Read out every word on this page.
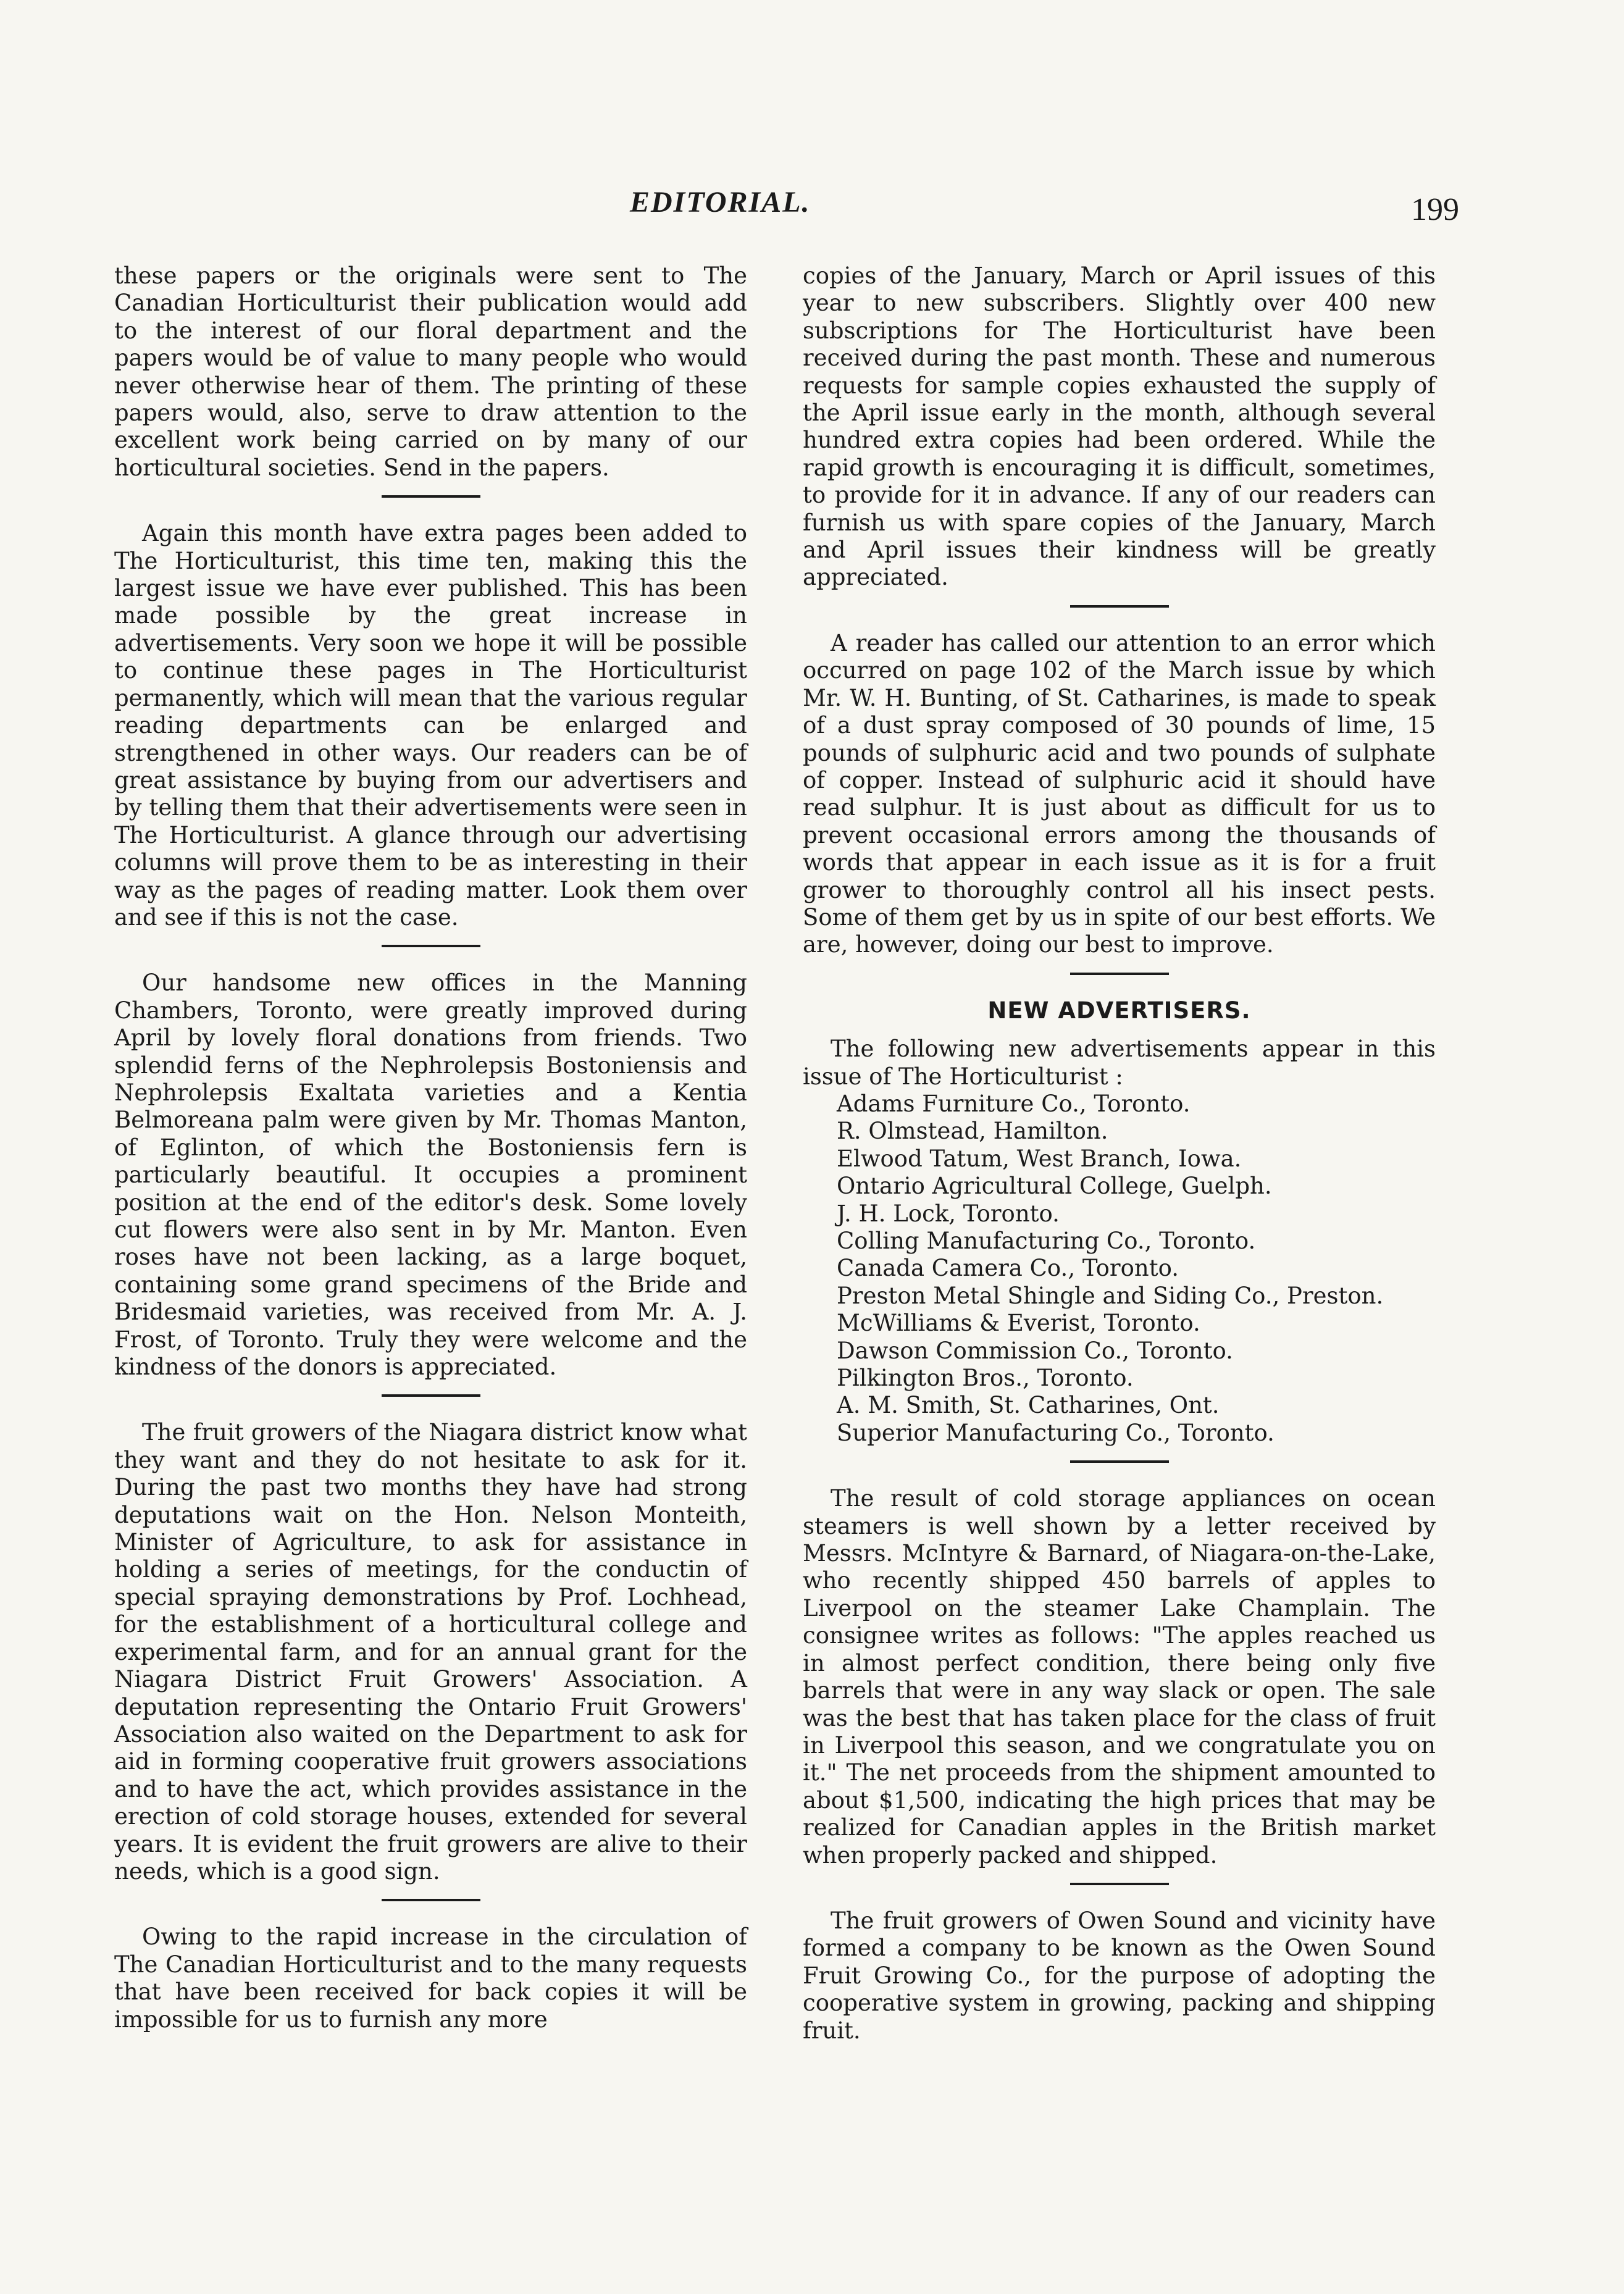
EDITORIAL.	199

these papers or the originals were sent to The Canadian Horticulturist their publication would add to the interest of our floral department and the papers would be of value to many people who would never otherwise hear of them. The printing of these papers would, also, serve to draw attention to the excellent work being carried on by many of our horticultural societies. Send in the papers.

Again this month have extra pages been added to The Horticulturist, this time ten, making this the largest issue we have ever published. This has been made possible by the great increase in advertisements. Very soon we hope it will be possible to continue these pages in The Horticulturist permanently, which will mean that the various regular reading departments can be enlarged and strengthened in other ways. Our readers can be of great assistance by buying from our advertisers and by telling them that their advertisements were seen in The Horticulturist. A glance through our advertising columns will prove them to be as interesting in their way as the pages of reading matter. Look them over and see if this is not the case.

Our handsome new offices in the Manning Chambers, Toronto, were greatly improved during April by lovely floral donations from friends. Two splendid ferns of the Nephrolepsis Bostoniensis and Nephrolepsis Exaltata varieties and a Kentia Belmoreana palm were given by Mr. Thomas Manton, of Eglinton, of which the Bostoniensis fern is particularly beautiful. It occupies a prominent position at the end of the editor's desk. Some lovely cut flowers were also sent in by Mr. Manton. Even roses have not been lacking, as a large boquet, containing some grand specimens of the Bride and Bridesmaid varieties, was received from Mr. A. J. Frost, of Toronto. Truly they were welcome and the kindness of the donors is appreciated.

The fruit growers of the Niagara district know what they want and they do not hesitate to ask for it. During the past two months they have had strong deputations wait on the Hon. Nelson Monteith, Minister of Agriculture, to ask for assistance in holding a series of meetings, for the conductin of special spraying demonstrations by Prof. Lochhead, for the establishment of a horticultural college and experimental farm, and for an annual grant for the Niagara District Fruit Growers' Association. A deputation representing the Ontario Fruit Growers' Association also waited on the Department to ask for aid in forming cooperative fruit growers associations and to have the act, which provides assistance in the erection of cold storage houses, extended for several years. It is evident the fruit growers are alive to their needs, which is a good sign.

Owing to the rapid increase in the circulation of The Canadian Horticulturist and to the many requests that have been received for back copies it will be impossible for us to furnish any more

copies of the January, March or April issues of this year to new subscribers. Slightly over 400 new subscriptions for The Horticulturist have been received during the past month. These and numerous requests for sample copies exhausted the supply of the April issue early in the month, although several hundred extra copies had been ordered. While the rapid growth is encouraging it is difficult, sometimes, to provide for it in advance. If any of our readers can furnish us with spare copies of the January, March and April issues their kindness will be greatly appreciated.

A reader has called our attention to an error which occurred on page 102 of the March issue by which Mr. W. H. Bunting, of St. Catharines, is made to speak of a dust spray composed of 30 pounds of lime, 15 pounds of sulphuric acid and two pounds of sulphate of copper. Instead of sulphuric acid it should have read sulphur. It is just about as difficult for us to prevent occasional errors among the thousands of words that appear in each issue as it is for a fruit grower to thoroughly control all his insect pests. Some of them get by us in spite of our best efforts. We are, however, doing our best to improve.

NEW ADVERTISERS.

The following new advertisements appear in this issue of The Horticulturist :

Adams Furniture Co., Toronto.
R. Olmstead, Hamilton.
Elwood Tatum, West Branch, Iowa.
Ontario Agricultural College, Guelph.
J. H. Lock, Toronto.
Colling Manufacturing Co., Toronto.
Canada Camera Co., Toronto.
Preston Metal Shingle and Siding Co., Preston.
McWilliams & Everist, Toronto.
Dawson Commission Co., Toronto.
Pilkington Bros., Toronto.
A. M. Smith, St. Catharines, Ont.
Superior Manufacturing Co., Toronto.

The result of cold storage appliances on ocean steamers is well shown by a letter received by Messrs. McIntyre & Barnard, of Niagara-on-the-Lake, who recently shipped 450 barrels of apples to Liverpool on the steamer Lake Champlain. The consignee writes as follows: "The apples reached us in almost perfect condition, there being only five barrels that were in any way slack or open. The sale was the best that has taken place for the class of fruit in Liverpool this season, and we congratulate you on it." The net proceeds from the shipment amounted to about $1,500, indicating the high prices that may be realized for Canadian apples in the British market when properly packed and shipped.

The fruit growers of Owen Sound and vicinity have formed a company to be known as the Owen Sound Fruit Growing Co., for the purpose of adopting the cooperative system in growing, packing and shipping fruit.
